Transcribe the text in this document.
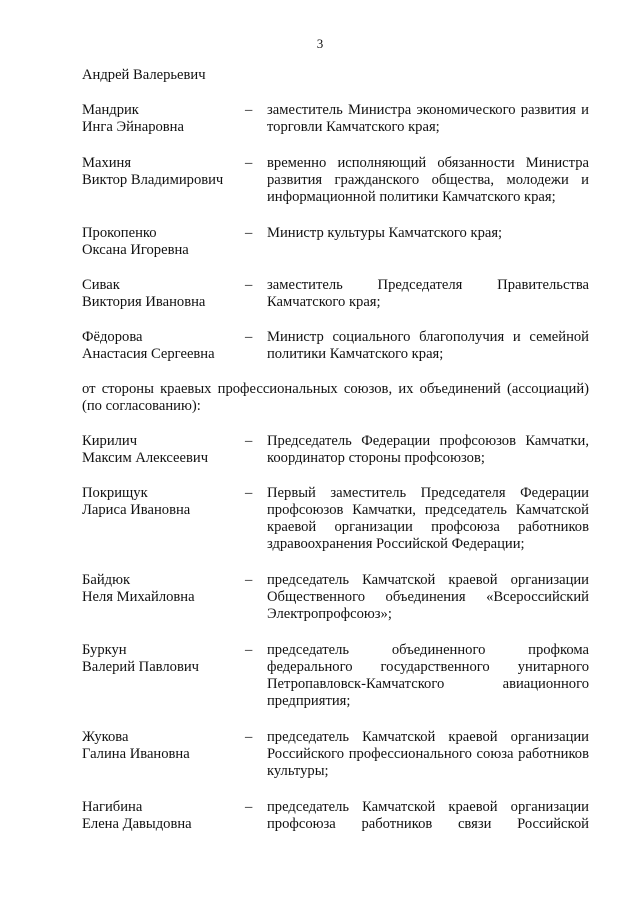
3
Андрей Валерьевич
Мандрик
Инга Эйнаровна
– заместитель Министра экономического развития и торговли Камчатского края;
Махиня
Виктор Владимирович
– временно исполняющий обязанности Министра развития гражданского общества, молодежи и информационной политики Камчатского края;
Прокопенко
Оксана Игоревна
– Министр культуры Камчатского края;
Сивак
Виктория Ивановна
– заместитель Председателя Правительства Камчатского края;
Фёдорова
Анастасия Сергеевна
– Министр социального благополучия и семейной политики Камчатского края;
от стороны краевых профессиональных союзов, их объединений (ассоциаций) (по согласованию):
Кирилич
Максим Алексеевич
– Председатель Федерации профсоюзов Камчатки, координатор стороны профсоюзов;
Покрищук
Лариса Ивановна
– Первый заместитель Председателя Федерации профсоюзов Камчатки, председатель Камчатской краевой организации профсоюза работников здравоохранения Российской Федерации;
Байдюк
Неля Михайловна
– председатель Камчатской краевой организации Общественного объединения «Всероссийский Электропрофсоюз»;
Буркун
Валерий Павлович
– председатель объединенного профкома федерального государственного унитарного Петропавловск-Камчатского авиационного предприятия;
Жукова
Галина Ивановна
– председатель Камчатской краевой организации Российского профессионального союза работников культуры;
Нагибина
Елена Давыдовна
– председатель Камчатской краевой организации профсоюза работников связи Российской
